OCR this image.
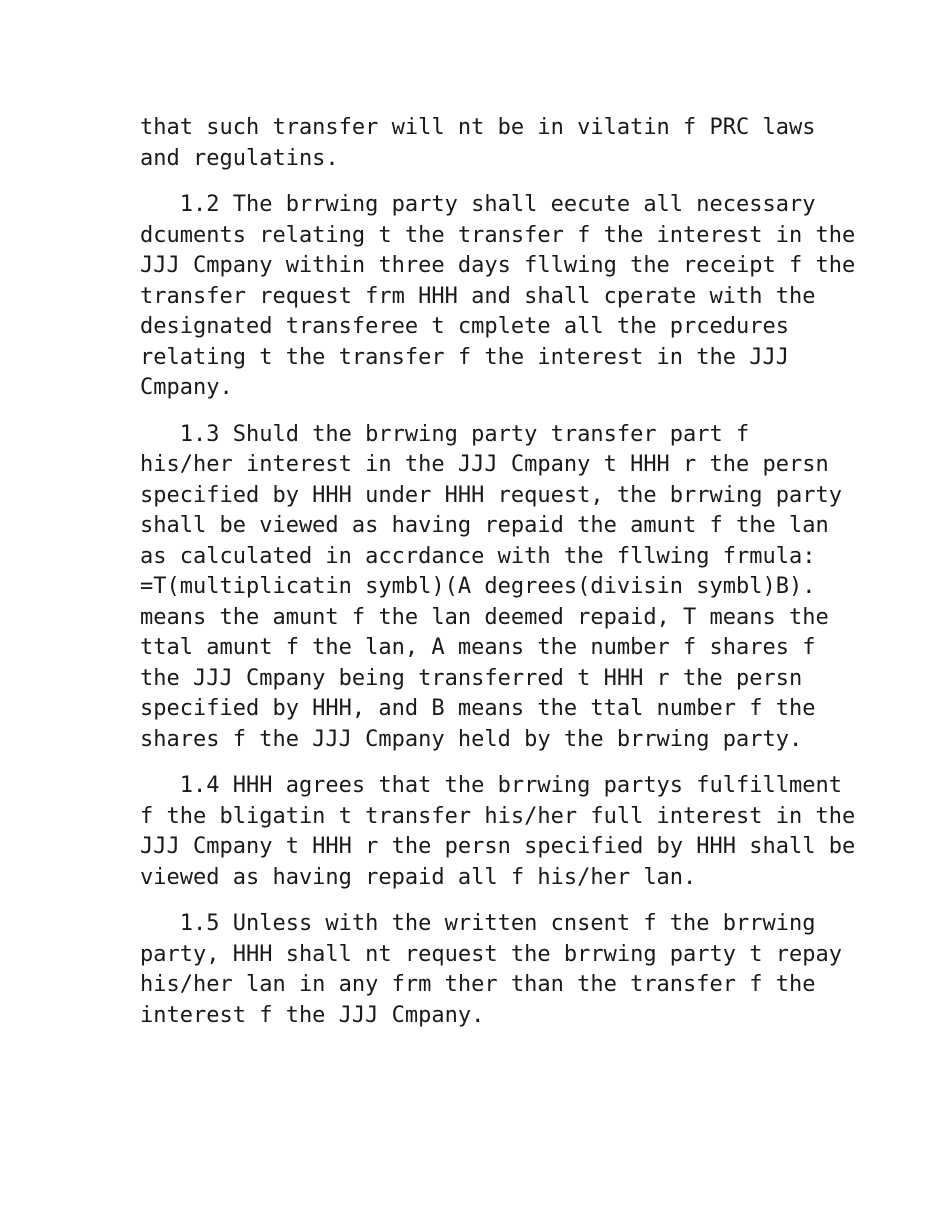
that such transfer will nt be in vilatin f PRC laws
and regulatins.
1.2 The brrwing party shall eecute all necessary
dcuments relating t the transfer f the interest in the
JJJ Cmpany within three days fllwing the receipt f the
transfer request frm HHH and shall cperate with the
designated transferee t cmplete all the prcedures
relating t the transfer f the interest in the JJJ
Cmpany.
1.3 Shuld the brrwing party transfer part f
his/her interest in the JJJ Cmpany t HHH r the persn
specified by HHH under HHH request, the brrwing party
shall be viewed as having repaid the amunt f the lan
as calculated in accrdance with the fllwing frmula:
=T(multiplicatin symbl)(A degrees(divisin symbl)B).
means the amunt f the lan deemed repaid, T means the
ttal amunt f the lan, A means the number f shares f
the JJJ Cmpany being transferred t HHH r the persn
specified by HHH, and B means the ttal number f the
shares f the JJJ Cmpany held by the brrwing party.
1.4 HHH agrees that the brrwing partys fulfillment
f the bligatin t transfer his/her full interest in the
JJJ Cmpany t HHH r the persn specified by HHH shall be
viewed as having repaid all f his/her lan.
1.5 Unless with the written cnsent f the brrwing
party, HHH shall nt request the brrwing party t repay
his/her lan in any frm ther than the transfer f the
interest f the JJJ Cmpany.
